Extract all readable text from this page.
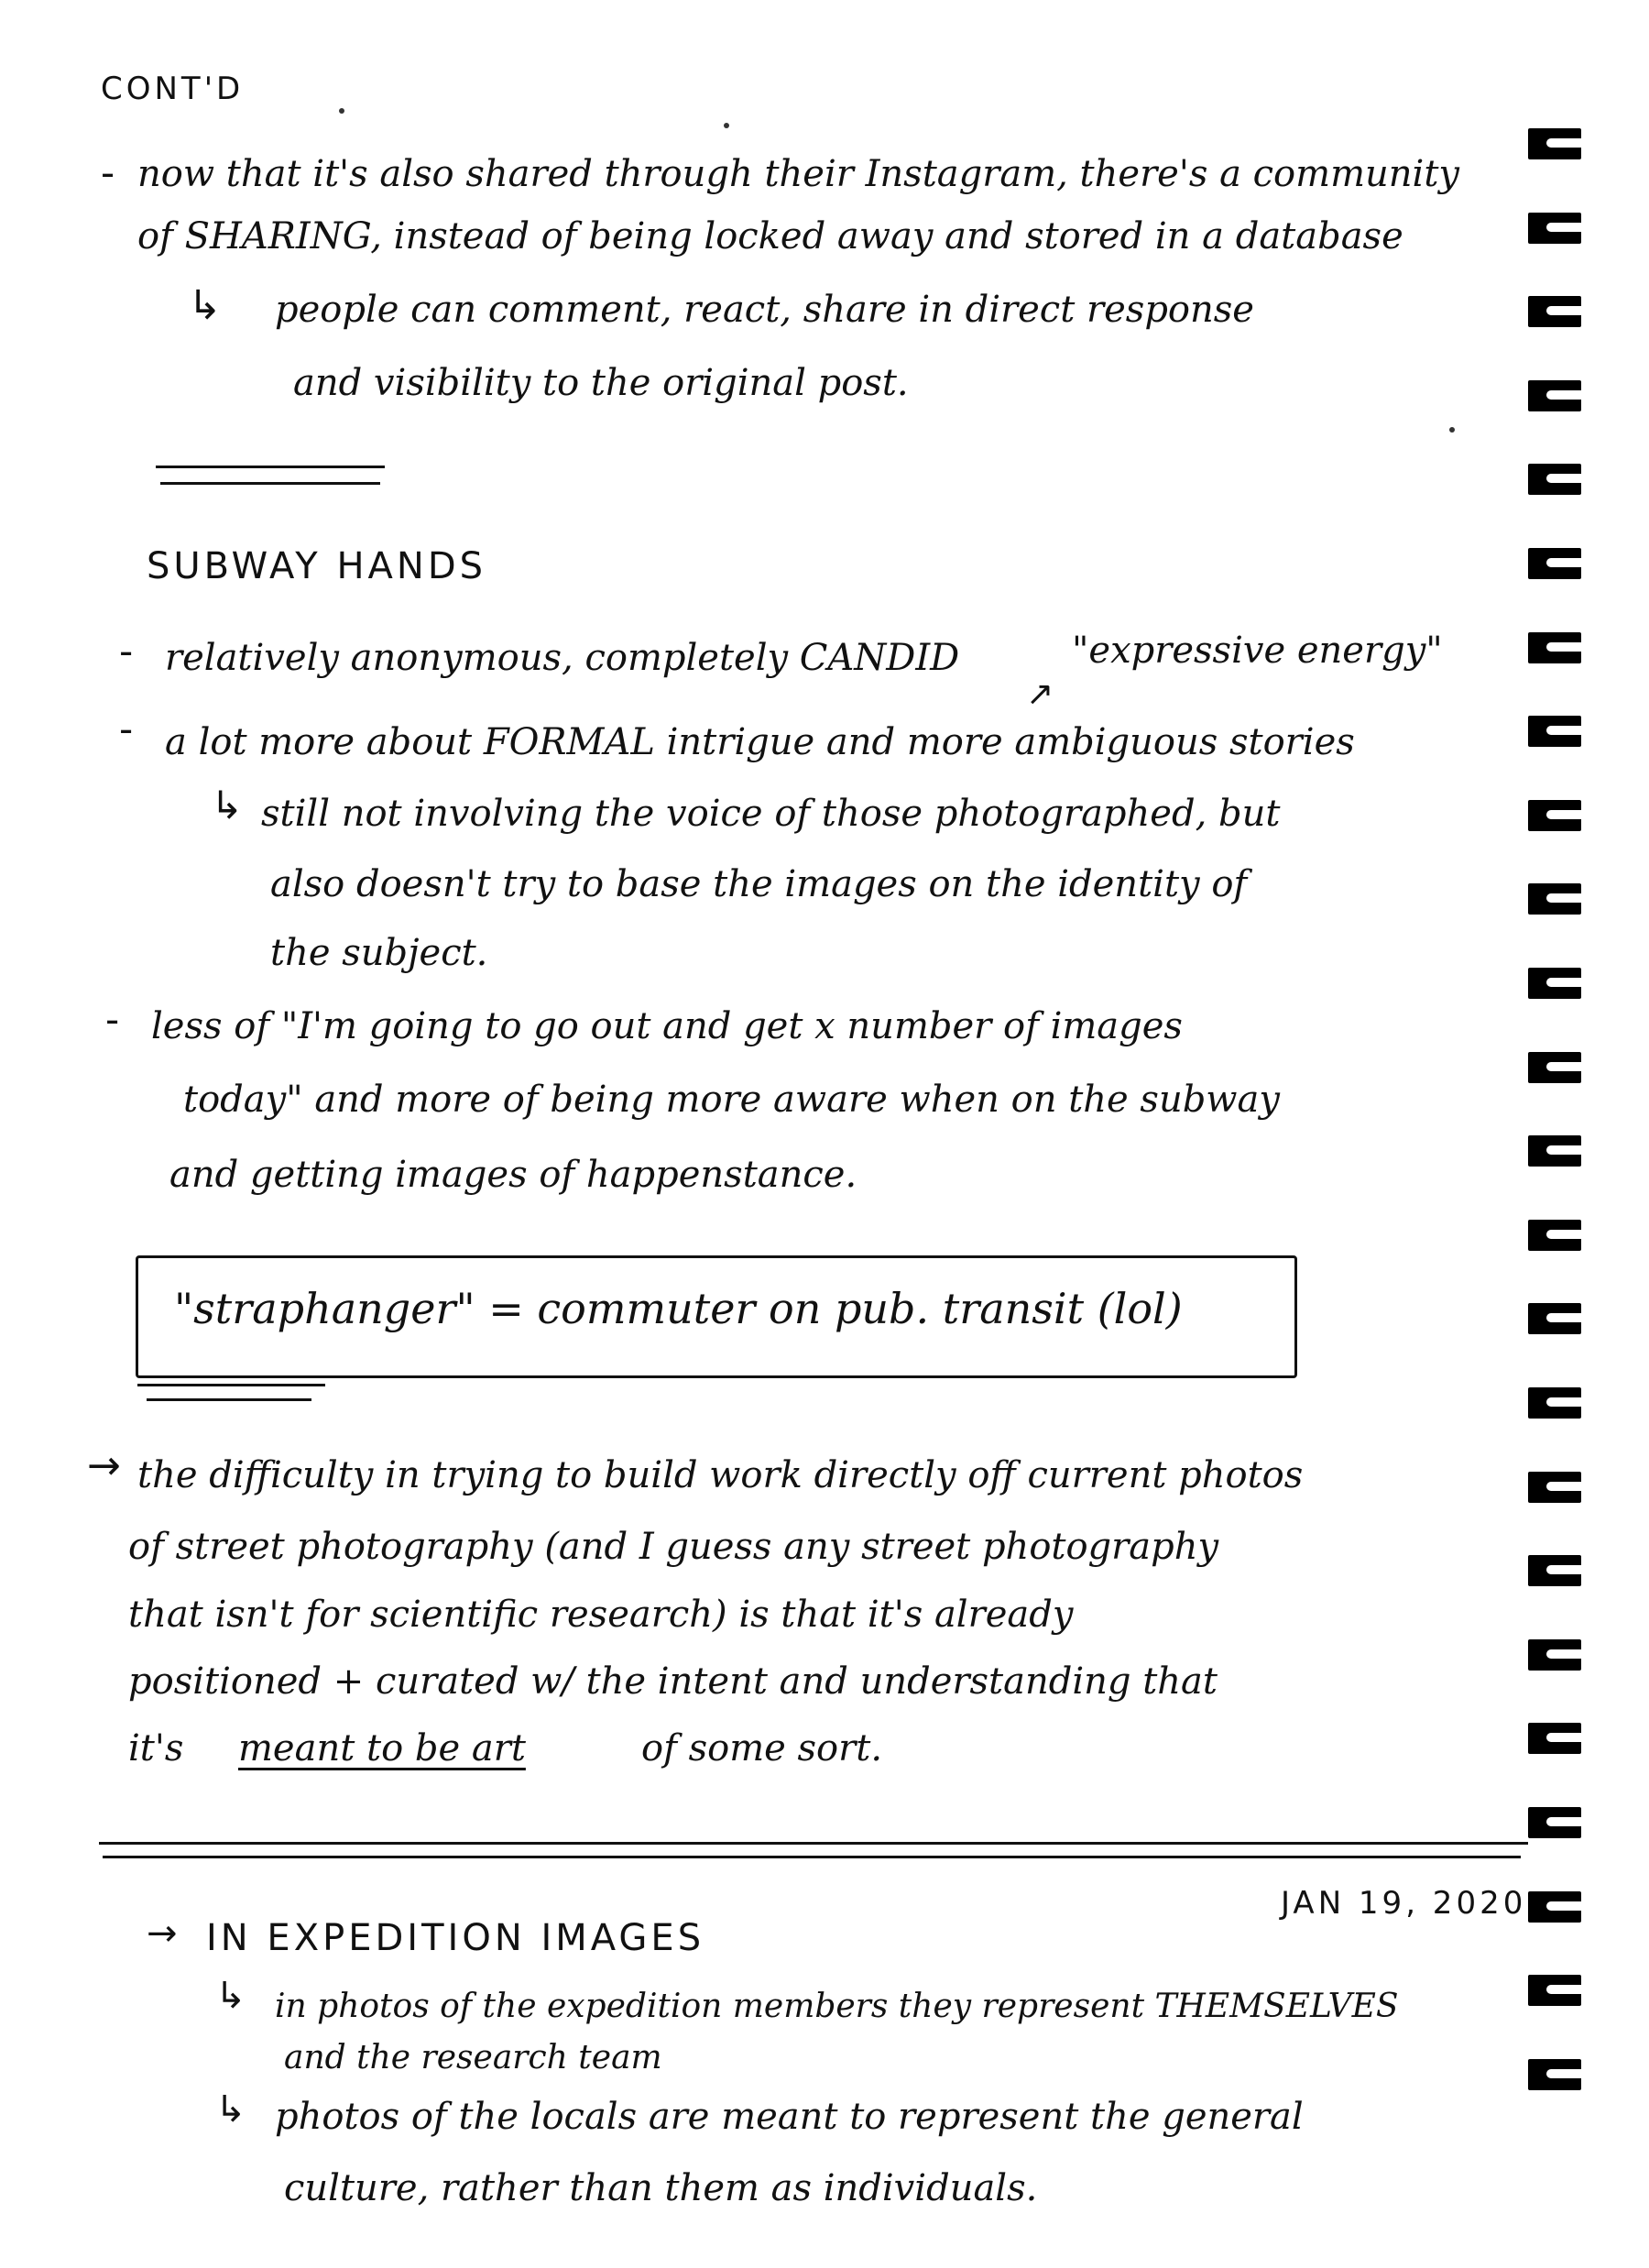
CONT'D
- now that it's also shared through their Instagram, there's a community
of SHARING, instead of being locked away and stored in a database
↳ people can comment, react, share in direct response
and visibility to the original post.
SUBWAY HANDS
- relatively anonymous, completely CANDID
↗
"expressive energy"
- a lot more about FORMAL intrigue and more ambiguous stories
↳ still not involving the voice of those photographed, but
also doesn't try to base the images on the identity of
the subject.
- less of "I'm going to go out and get x number of images
today" and more of being more aware when on the subway
and getting images of happenstance.
"straphanger" = commuter on pub. transit (lol)
→ the difficulty in trying to build work directly off current photos
of street photography (and I guess any street photography
that isn't for scientific research) is that it's already
positioned + curated w/ the intent and understanding that
it's meant to be art	of some sort.
JAN 19, 2020
→ IN EXPEDITION IMAGES
↳ in photos of the expedition members they represent THEMSELVES
and the research team
↳ photos of the locals are meant to represent the general
culture, rather than them as individuals.
